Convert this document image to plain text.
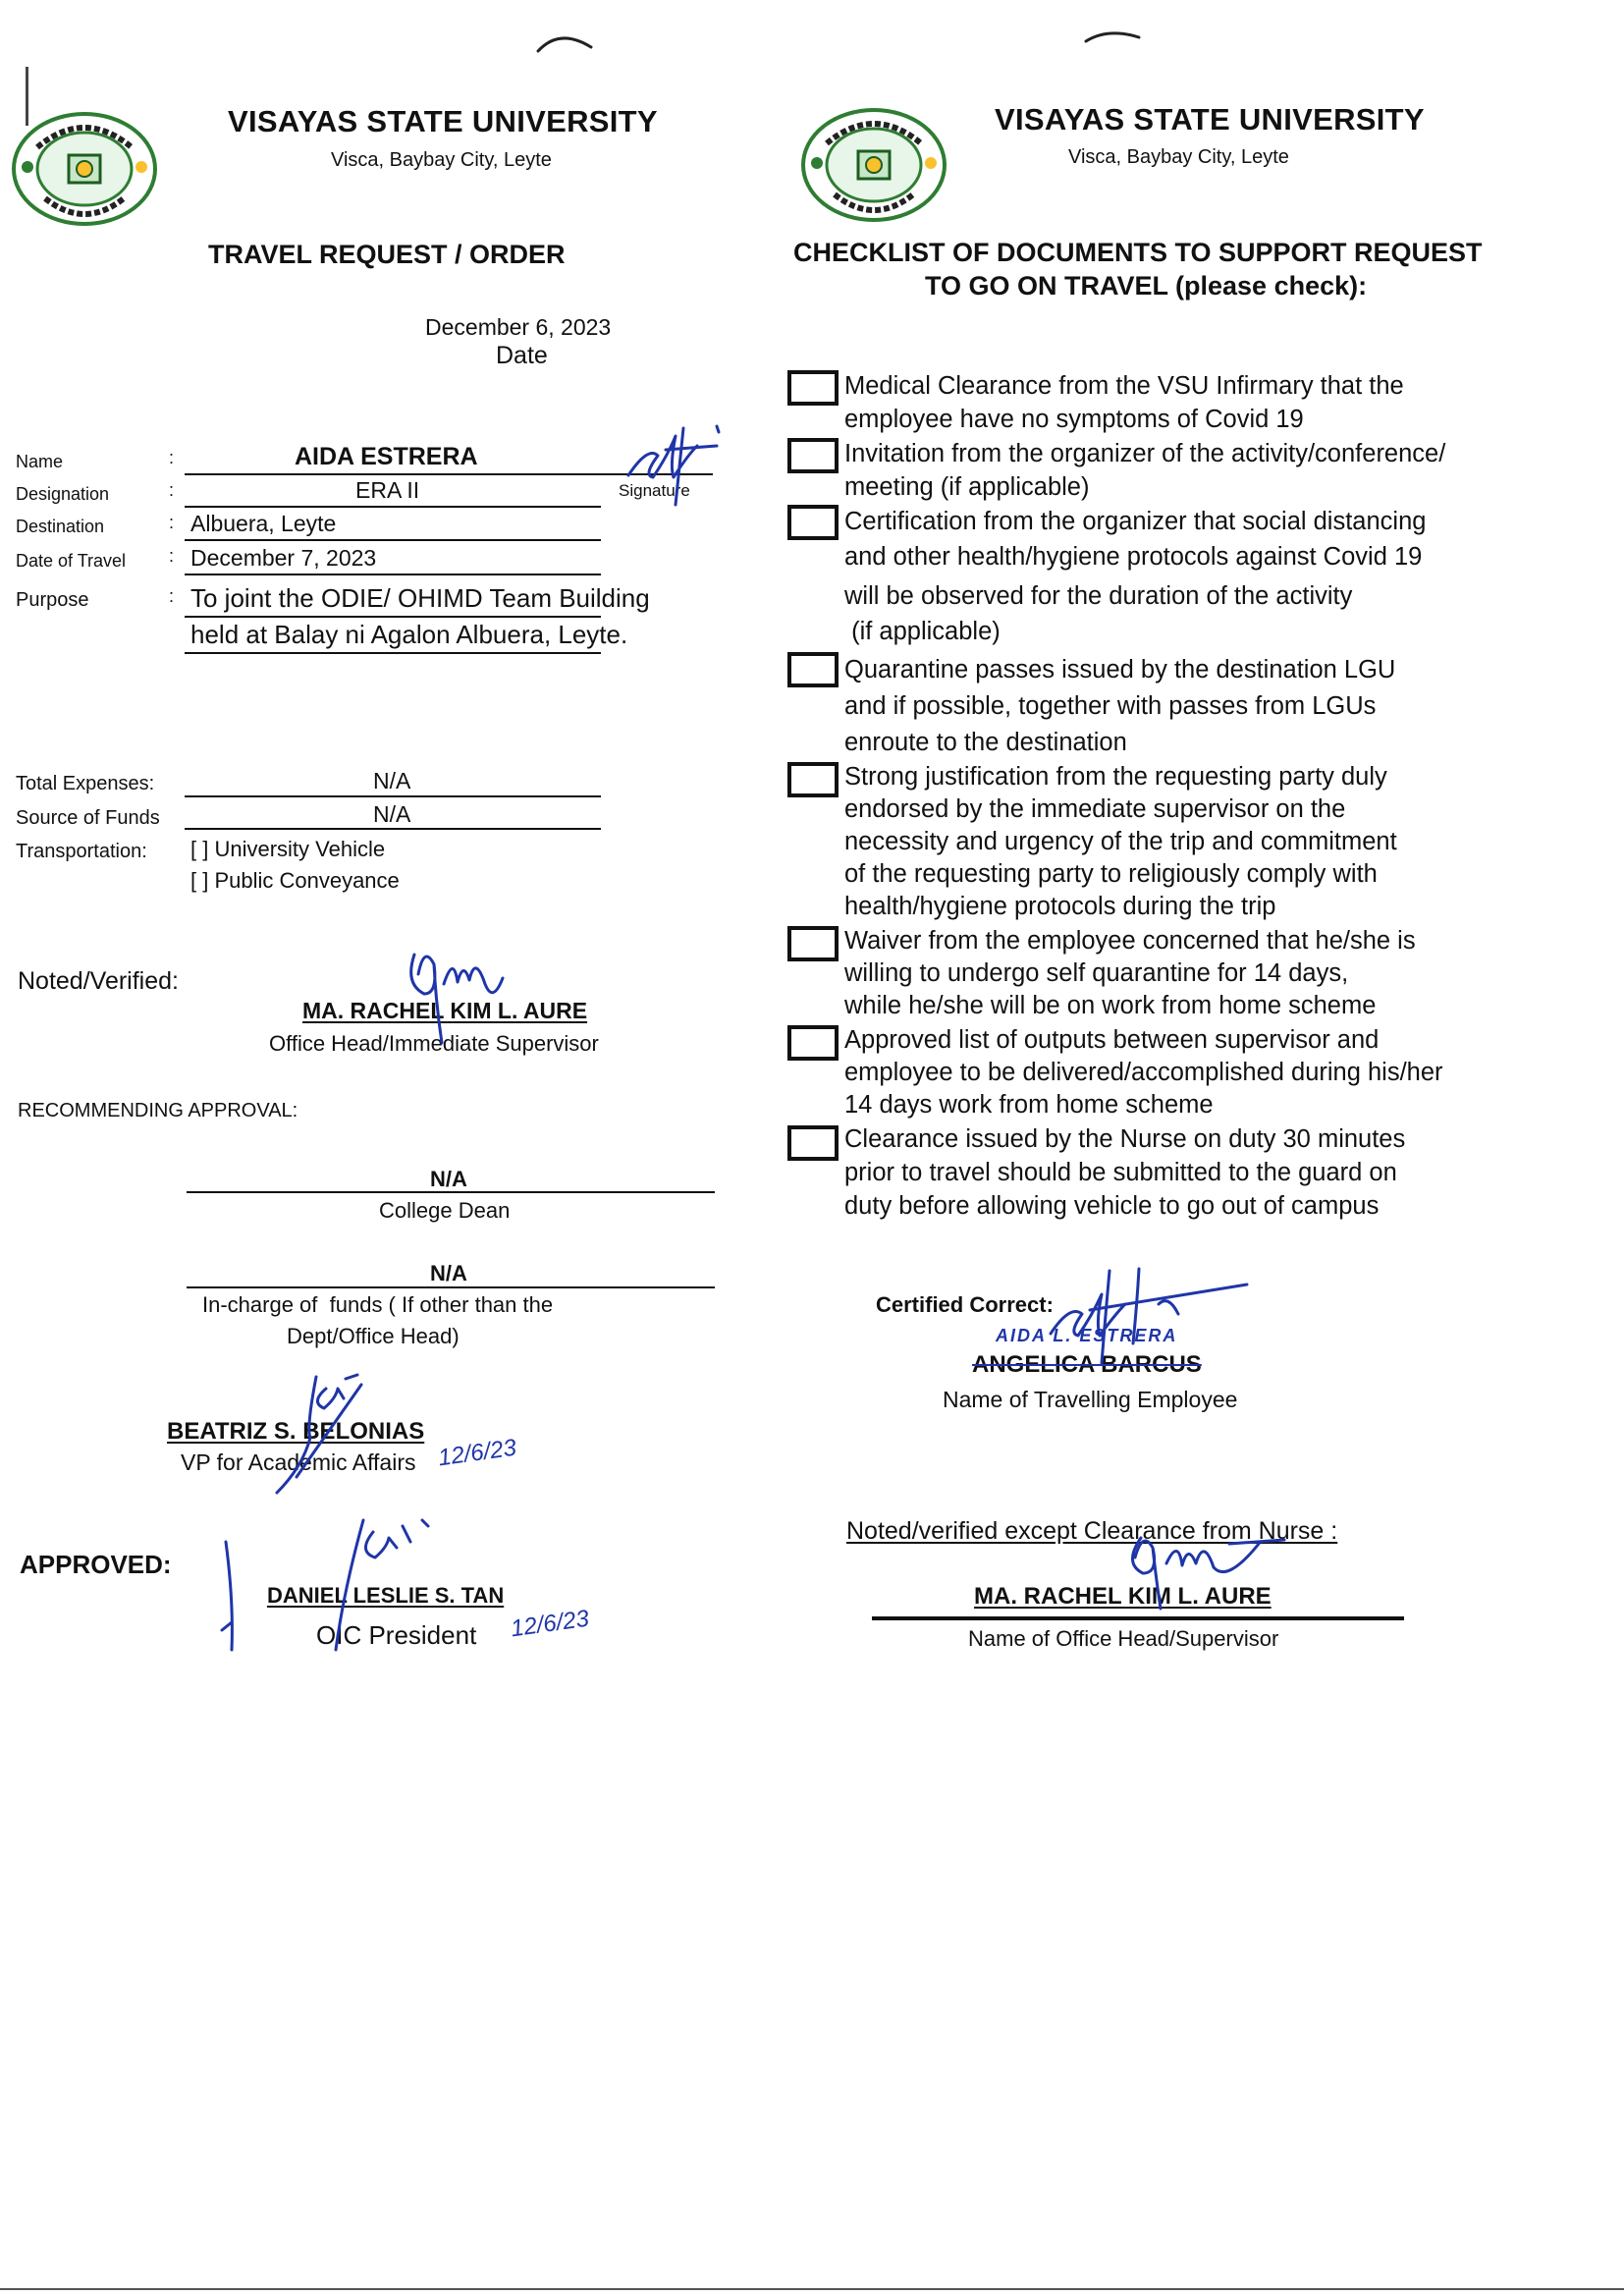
VISAYAS STATE UNIVERSITY
Visca, Baybay City, Leyte
TRAVEL REQUEST / ORDER
December 6, 2023
Date
Name	:	AIDA ESTRERA
Signature
Designation	:	ERA II
Destination	: Albuera, Leyte
Date of Travel : December 7, 2023
Purpose	: To joint the ODIE/ OHIMD Team Building
held at Balay ni Agalon Albuera, Leyte.
Total Expenses:	N/A
Source of Funds	N/A
Transportation: [ ] University Vehicle
[ ] Public Conveyance
Noted/Verified:
MA. RACHEL KIM L. AURE
Office Head/Immediate Supervisor
RECOMMENDING APPROVAL:
N/A
College Dean
N/A
In-charge of  funds ( If other than the
Dept/Office Head)
BEATRIZ S. BELONIAS
VP for Academic Affairs
APPROVED:
DANIEL LESLIE S. TAN
OIC President
VISAYAS STATE UNIVERSITY
Visca, Baybay City, Leyte
CHECKLIST OF DOCUMENTS TO SUPPORT REQUEST
TO GO ON TRAVEL (please check):
Medical Clearance from the VSU Infirmary that the
employee have no symptoms of Covid 19
Invitation from the organizer of the activity/conference/
meeting (if applicable)
Certification from the organizer that social distancing
and other health/hygiene protocols against Covid 19
will be observed for the duration of the activity
(if applicable)
Quarantine passes issued by the destination LGU
and if possible, together with passes from LGUs
enroute to the destination
Strong justification from the requesting party duly
endorsed by the immediate supervisor on the
necessity and urgency of the trip and commitment
of the requesting party to religiously comply with
health/hygiene protocols during the trip
Waiver from the employee concerned that he/she is
willing to undergo self quarantine for 14 days,
while he/she will be on work from home scheme
Approved list of outputs between supervisor and
employee to be delivered/accomplished during his/her
14 days work from home scheme
Clearance issued by the Nurse on duty 30 minutes
prior to travel should be submitted to the guard on
duty before allowing vehicle to go out of campus
Certified Correct:
AIDA L. ESTRERA
ANGELICA BARCUS
Name of Travelling Employee
Noted/verified except Clearance from Nurse :
MA. RACHEL KIM L. AURE
Name of Office Head/Supervisor
12/6/23
12/6/23
